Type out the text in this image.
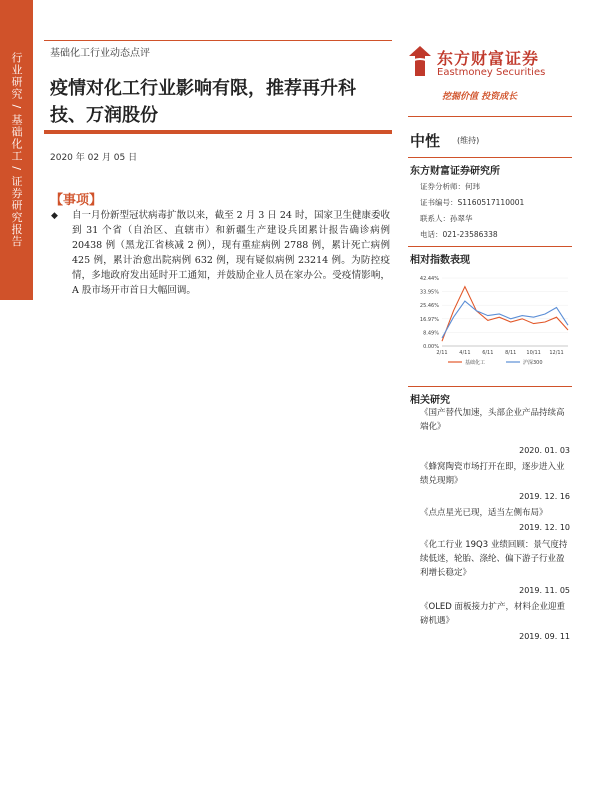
行业研究 / 基础化工 / 证券研究报告	基础化工行业动态点评
疫情对化工行业影响有限，推荐再升科技、万润股份
2020 年 02 月 05 日
【事项】
◆ 自一月份新型冠状病毒扩散以来，截至 2 月 3 日 24 时，国家卫生健康委收到 31 个省（自治区、直辖市）和新疆生产建设兵团累计报告确诊病例 20438 例（黑龙江省核减 2 例），现有重症病例 2788 例，累计死亡病例 425 例，累计治愈出院病例 632 例，现有疑似病例 23214 例。为防控疫情，多地政府发出延时开工通知，并鼓励企业人员在家办公。受疫情影响，A 股市场开市首日大幅回调。
东方财富证券
Eastmoney Securities
挖掘价值 投资成长
中性 (维持)
东方财富证券研究所
证券分析师：何玮
证书编号：S1160517110001
联系人：孙翠华
电话：021-23586338
相对指数表现
0.00%
8.49%
16.97%
25.46%
33.95%
42.44%
2/11 4/11 6/11 8/11 10/11 12/11
基础化工	沪深300
相关研究
《国产替代加速，头部企业产品持续高端化》
2020. 01. 03
《蜂窝陶瓷市场打开在即，逐步进入业绩兑现期》
2019. 12. 16
《点点星光已现，适当左侧布局》
2019. 12. 10
《化工行业 19Q3 业绩回顾：景气度持续低迷，轮胎、涤纶、偏下游子行业盈利增长稳定》
2019. 11. 05
《OLED 面板接力扩产，材料企业迎重磅机遇》
2019. 09. 11
